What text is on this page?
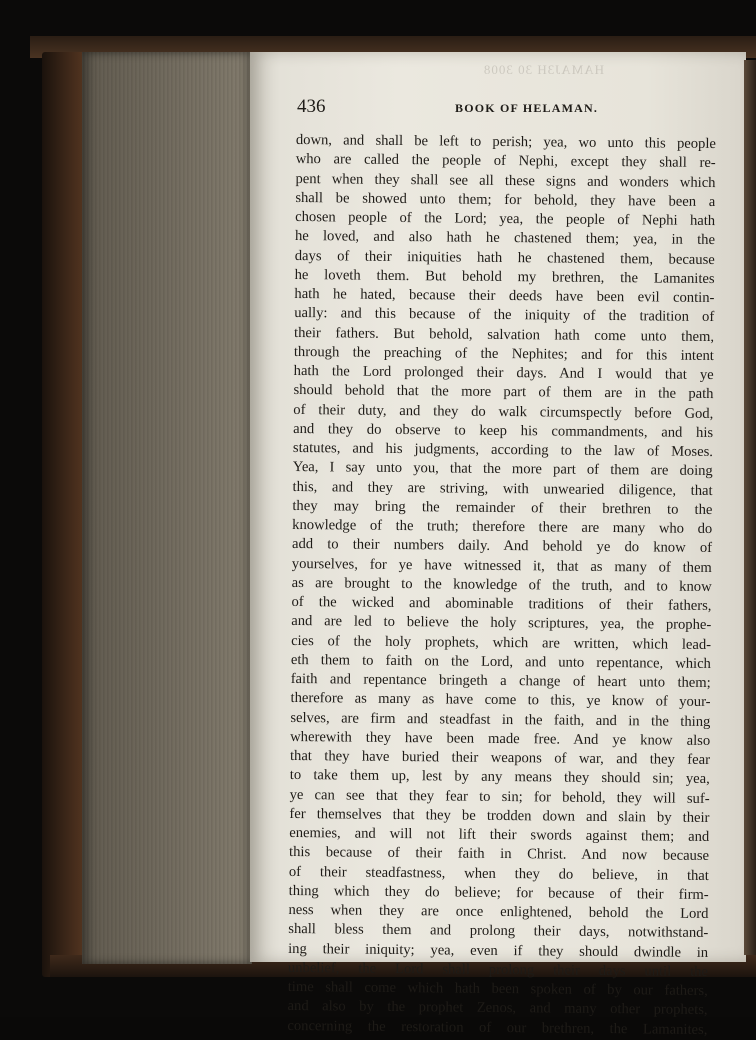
HAMAJ3H 30 3008
436	BOOK OF HELAMAN.
down, and shall be left to perish; yea, wo unto this people
who are called the people of Nephi, except they shall re-
pent when they shall see all these signs and wonders which
shall be showed unto them; for behold, they have been a
chosen people of the Lord; yea, the people of Nephi hath
he loved, and also hath he chastened them; yea, in the
days of their iniquities hath he chastened them, because
he loveth them. But behold my brethren, the Lamanites
hath he hated, because their deeds have been evil contin-
ually: and this because of the iniquity of the tradition of
their fathers. But behold, salvation hath come unto them,
through the preaching of the Nephites; and for this intent
hath the Lord prolonged their days. And I would that ye
should behold that the more part of them are in the path
of their duty, and they do walk circumspectly before God,
and they do observe to keep his commandments, and his
statutes, and his judgments, according to the law of Moses.
Yea, I say unto you, that the more part of them are doing
this, and they are striving, with unwearied diligence, that
they may bring the remainder of their brethren to the
knowledge of the truth; therefore there are many who do
add to their numbers daily. And behold ye do know of
yourselves, for ye have witnessed it, that as many of them
as are brought to the knowledge of the truth, and to know
of the wicked and abominable traditions of their fathers,
and are led to believe the holy scriptures, yea, the prophe-
cies of the holy prophets, which are written, which lead-
eth them to faith on the Lord, and unto repentance, which
faith and repentance bringeth a change of heart unto them;
therefore as many as have come to this, ye know of your-
selves, are firm and steadfast in the faith, and in the thing
wherewith they have been made free. And ye know also
that they have buried their weapons of war, and they fear
to take them up, lest by any means they should sin; yea,
ye can see that they fear to sin; for behold, they will suf-
fer themselves that they be trodden down and slain by their
enemies, and will not lift their swords against them; and
this because of their faith in Christ. And now because
of their steadfastness, when they do believe, in that
thing which they do believe; for because of their firm-
ness when they are once enlightened, behold the Lord
shall bless them and prolong their days, notwithstand-
ing their iniquity; yea, even if they should dwindle in
unbelief, the Lord shall prolong their days until the
time shall come which hath been spoken of by our fathers,
and also by the prophet Zenos, and many other prophets,
concerning the restoration of our brethren, the Lamanites,
